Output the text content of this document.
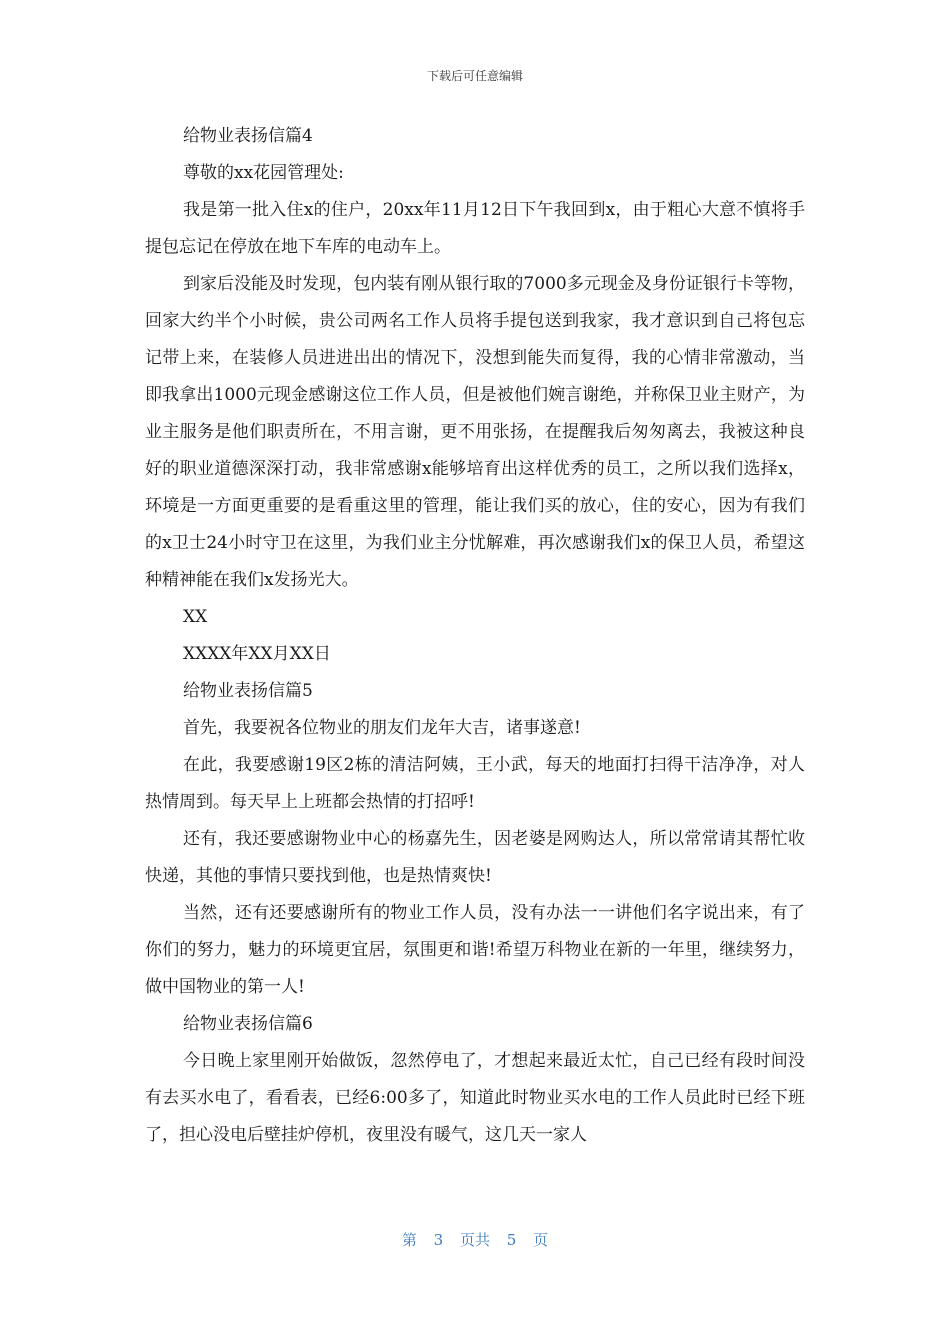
下载后可任意编辑

给物业表扬信篇4

尊敬的xx花园管理处:

我是第一批入住x的住户，20xx年11月12日下午我回到x，由于粗心大意不慎将手提包忘记在停放在地下车库的电动车上。

到家后没能及时发现，包内装有刚从银行取的7000多元现金及身份证银行卡等物，回家大约半个小时候，贵公司两名工作人员将手提包送到我家，我才意识到自己将包忘记带上来，在装修人员进进出出的情况下，没想到能失而复得，我的心情非常激动，当即我拿出1000元现金感谢这位工作人员，但是被他们婉言谢绝，并称保卫业主财产，为业主服务是他们职责所在，不用言谢，更不用张扬，在提醒我后匆匆离去，我被这种良好的职业道德深深打动，我非常感谢x能够培育出这样优秀的员工，之所以我们选择x，环境是一方面更重要的是看重这里的管理，能让我们买的放心，住的安心，因为有我们的x卫士24小时守卫在这里，为我们业主分忧解难，再次感谢我们x的保卫人员，希望这种精神能在我们x发扬光大。

XX

XXXX年XX月XX日

给物业表扬信篇5

首先，我要祝各位物业的朋友们龙年大吉，诸事遂意!

在此，我要感谢19区2栋的清洁阿姨，王小武，每天的地面打扫得干洁净净，对人热情周到。每天早上上班都会热情的打招呼!

还有，我还要感谢物业中心的杨嘉先生，因老婆是网购达人，所以常常请其帮忙收快递，其他的事情只要找到他，也是热情爽快!

当然，还有还要感谢所有的物业工作人员，没有办法一一讲他们名字说出来，有了你们的努力，魅力的环境更宜居，氛围更和谐!希望万科物业在新的一年里，继续努力，做中国物业的第一人!

给物业表扬信篇6

今日晚上家里刚开始做饭，忽然停电了，才想起来最近太忙，自己已经有段时间没有去买水电了，看看表，已经6:00多了，知道此时物业买水电的工作人员此时已经下班了，担心没电后壁挂炉停机，夜里没有暖气，这几天一家人

第 3 页共 5 页
